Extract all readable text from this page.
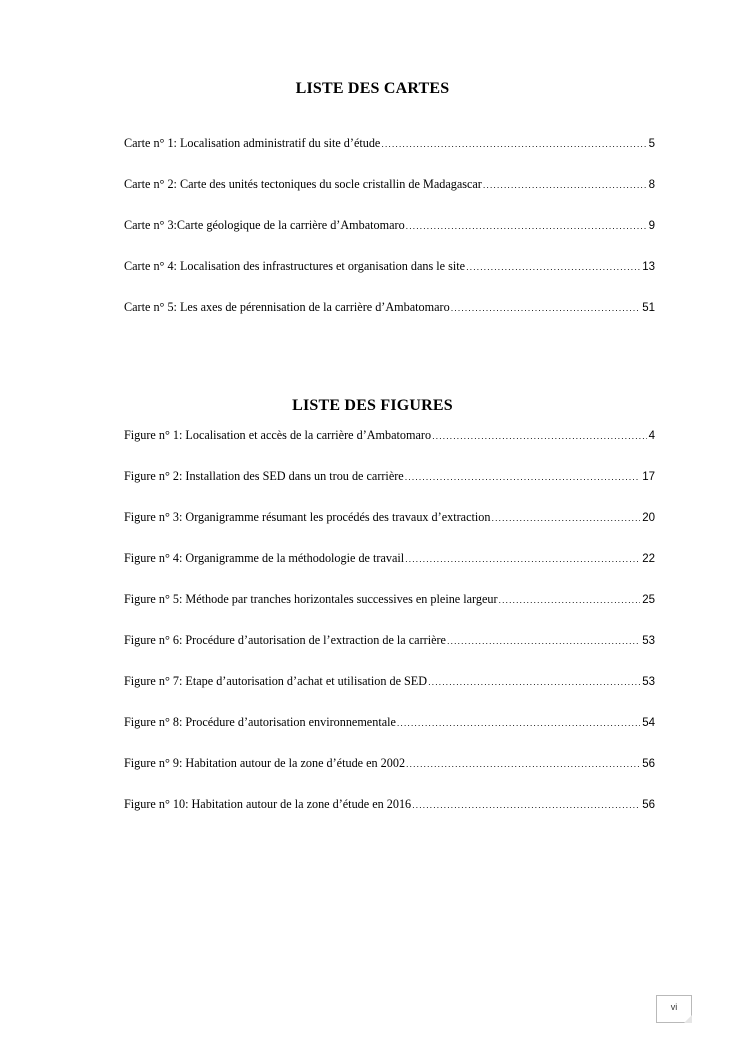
LISTE DES CARTES
Carte n° 1: Localisation administratif du site d’étude .....	5
Carte n° 2: Carte des unités tectoniques du socle cristallin de Madagascar .....	8
Carte n° 3:Carte géologique de la carrière d’Ambatomaro .....	9
Carte n° 4: Localisation des infrastructures et organisation dans le site .....	13
Carte n° 5: Les axes de pérennisation de la carrière d’Ambatomaro .....	51
LISTE DES FIGURES
Figure n° 1: Localisation et accès de la carrière d’Ambatomaro .....	4
Figure n° 2: Installation des SED dans un trou de carrière .....	17
Figure n° 3: Organigramme résumant les procédés des travaux d’extraction .....	20
Figure n° 4: Organigramme de la méthodologie de travail .....	22
Figure n° 5: Méthode par tranches horizontales successives en pleine largeur .....	25
Figure n° 6: Procédure d’autorisation de l’extraction de la carrière .....	53
Figure n° 7: Etape d’autorisation d’achat et utilisation de SED .....	53
Figure n° 8: Procédure d’autorisation environnementale .....	54
Figure n° 9: Habitation autour de la zone d’étude en 2002 .....	56
Figure n° 10: Habitation autour de la zone d’étude en 2016 .....	56
vi
